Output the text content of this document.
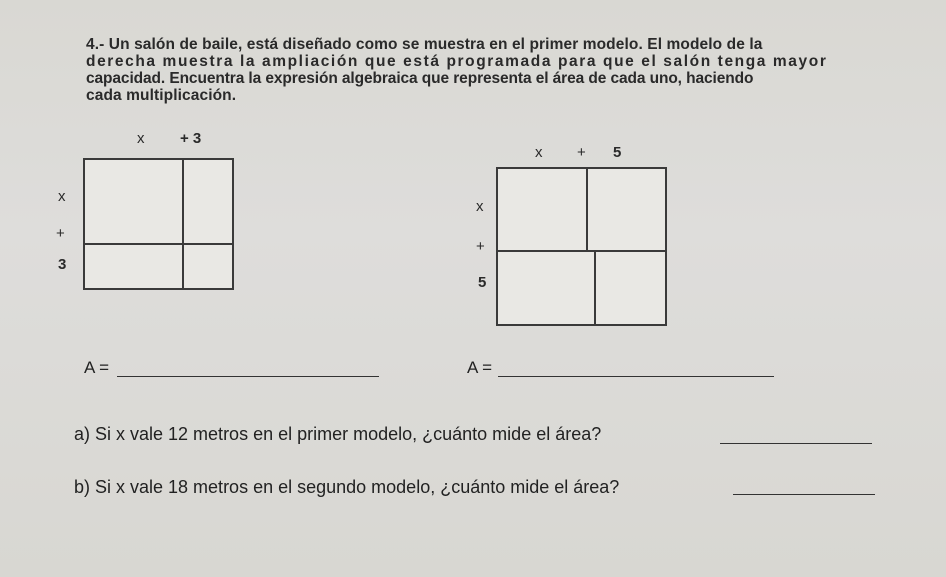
4.- Un salón de baile, está diseñado como se muestra en el primer modelo. El modelo de la
derecha muestra la ampliación que está programada para que el salón tenga mayor
capacidad. Encuentra la expresión algebraica que representa el área de cada uno, haciendo
cada multiplicación.
x + 3
x
+
3
x + 5
x
+
5
A =	A =
a) Si x vale 12 metros en el primer modelo, ¿cuánto mide el área?
b) Si x vale 18 metros en el segundo modelo, ¿cuánto mide el área?
